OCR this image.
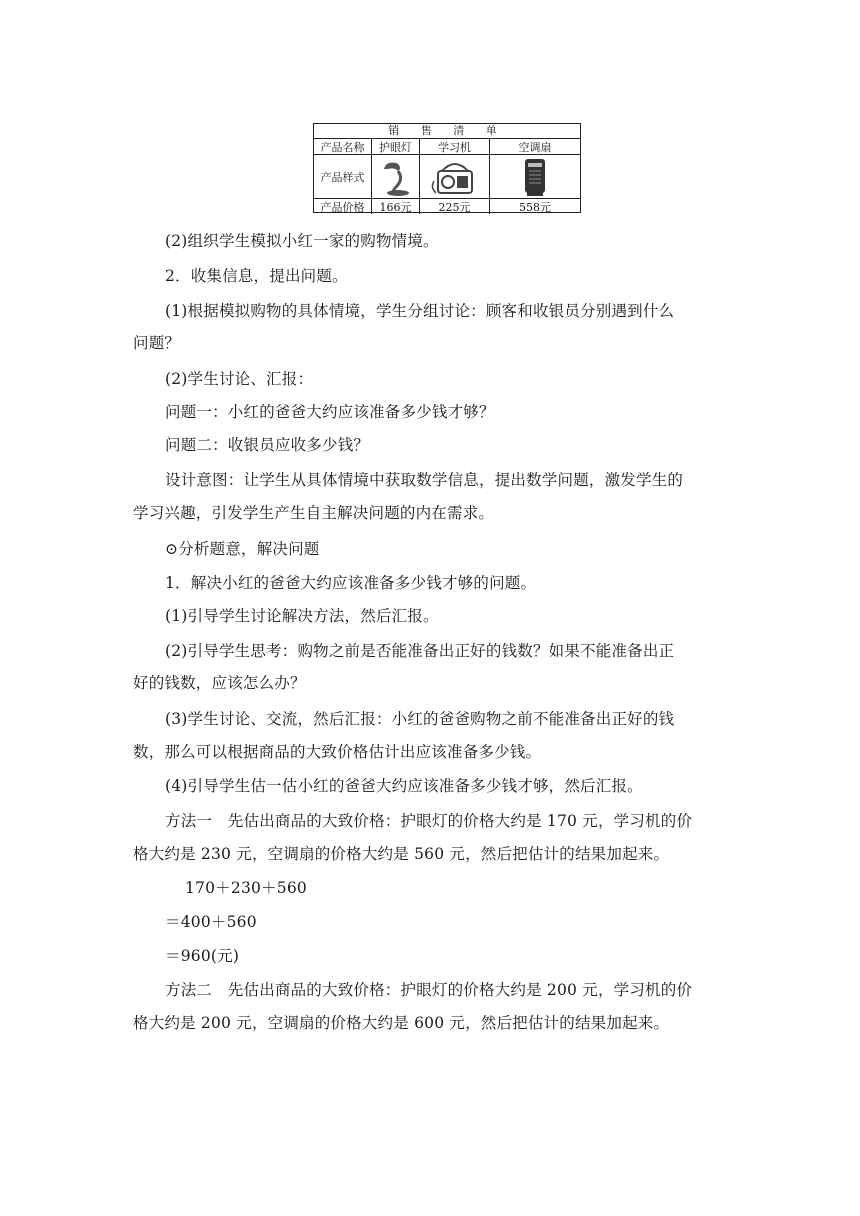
销 售 清 单
产品名称	护眼灯	学习机	空调扇
产品样式
产品价格	166元	225元	558元
(2)组织学生模拟小红一家的购物情境。
2．收集信息，提出问题。
(1)根据模拟购物的具体情境，学生分组讨论：顾客和收银员分别遇到什么
问题？
(2)学生讨论、汇报：
问题一：小红的爸爸大约应该准备多少钱才够？
问题二：收银员应收多少钱？
设计意图：让学生从具体情境中获取数学信息，提出数学问题，激发学生的
学习兴趣，引发学生产生自主解决问题的内在需求。
⊙分析题意，解决问题
1．解决小红的爸爸大约应该准备多少钱才够的问题。
(1)引导学生讨论解决方法，然后汇报。
(2)引导学生思考：购物之前是否能准备出正好的钱数？如果不能准备出正
好的钱数，应该怎么办？
(3)学生讨论、交流，然后汇报：小红的爸爸购物之前不能准备出正好的钱
数，那么可以根据商品的大致价格估计出应该准备多少钱。
(4)引导学生估一估小红的爸爸大约应该准备多少钱才够，然后汇报。
方法一　先估出商品的大致价格：护眼灯的价格大约是 170 元，学习机的价
格大约是 230 元，空调扇的价格大约是 560 元，然后把估计的结果加起来。
170＋230＋560
＝400＋560
＝960(元)
方法二　先估出商品的大致价格：护眼灯的价格大约是 200 元，学习机的价
格大约是 200 元，空调扇的价格大约是 600 元，然后把估计的结果加起来。
